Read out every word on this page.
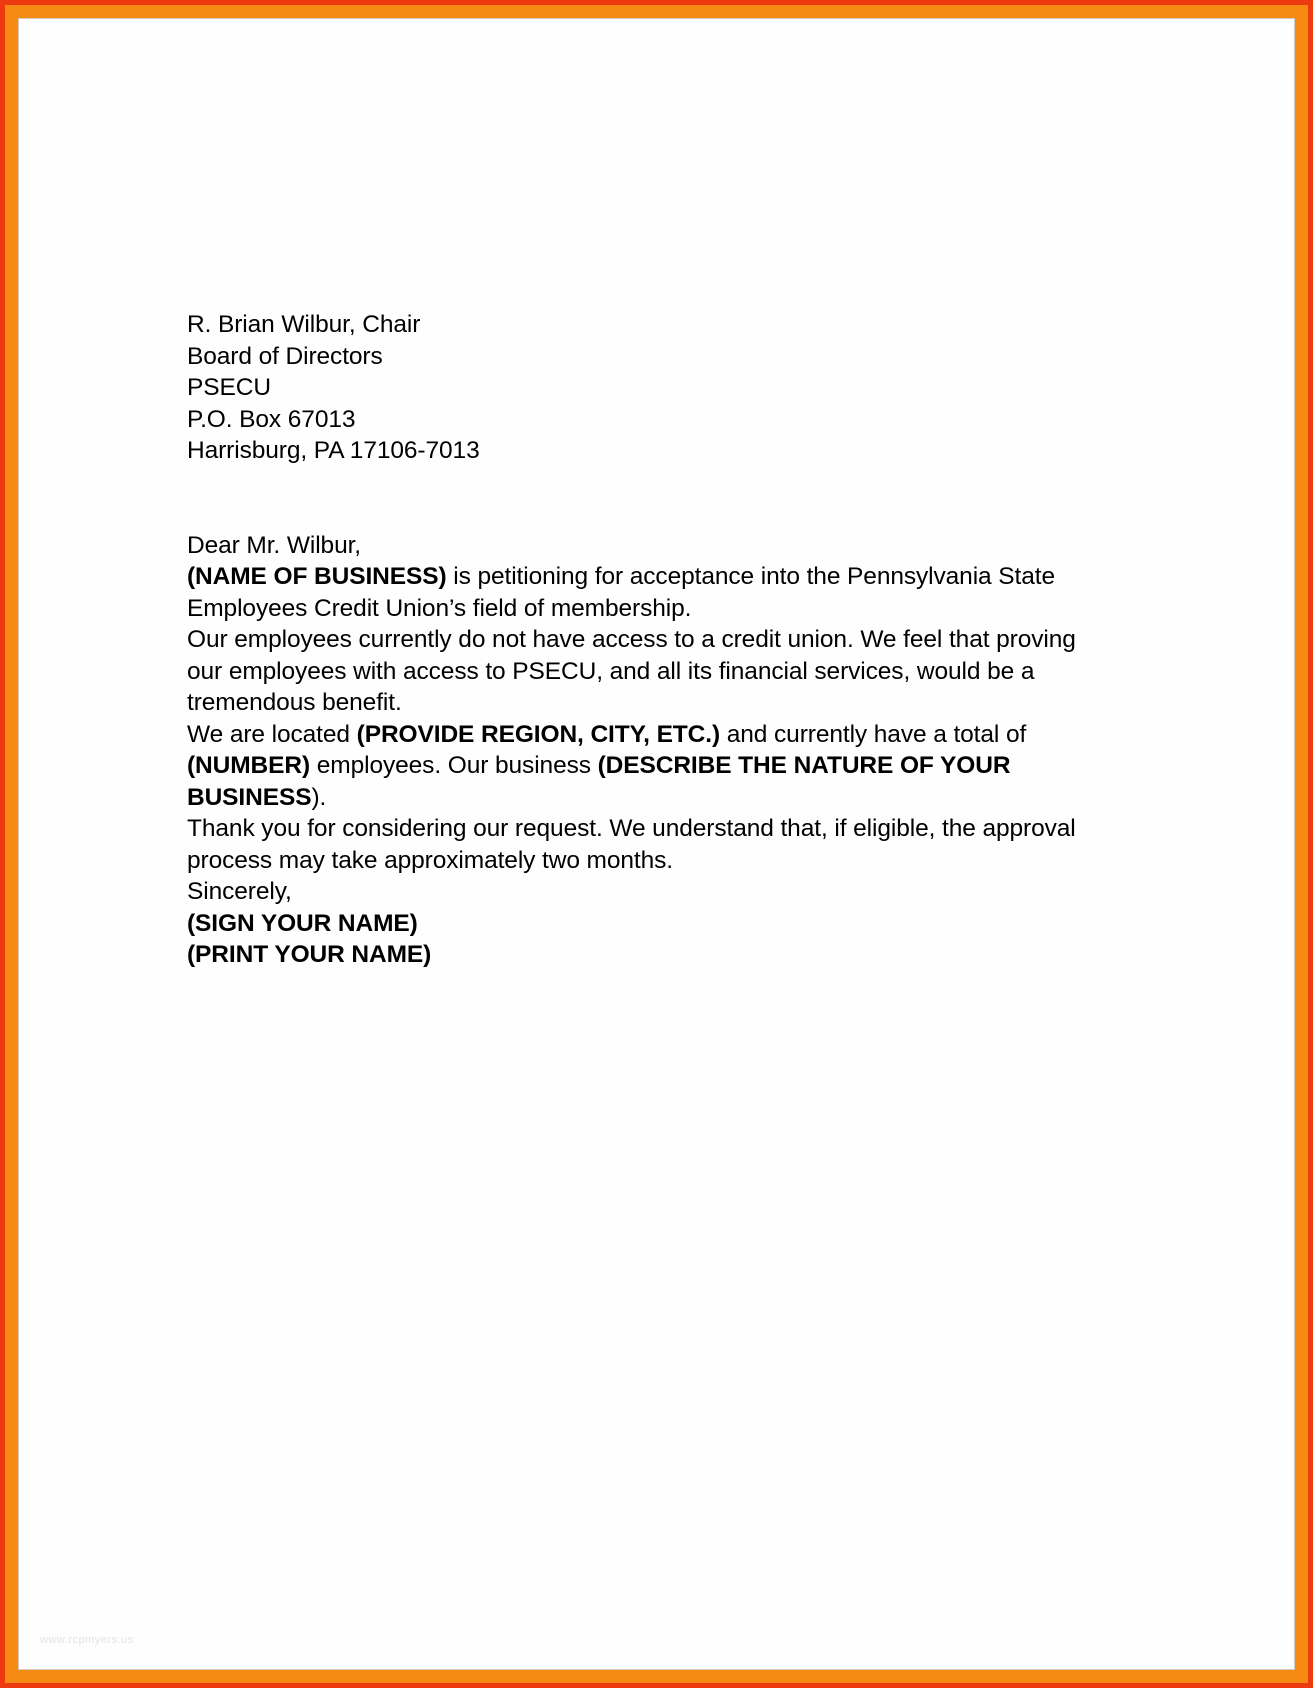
R. Brian Wilbur, Chair
Board of Directors
PSECU
P.O. Box 67013
Harrisburg, PA 17106-7013

Dear Mr. Wilbur,

(NAME OF BUSINESS) is petitioning for acceptance into the Pennsylvania State
Employees Credit Union’s field of membership.

Our employees currently do not have access to a credit union. We feel that proving
our employees with access to PSECU, and all its financial services, would be a
tremendous benefit.

We are located (PROVIDE REGION, CITY, ETC.) and currently have a total of
(NUMBER) employees. Our business (DESCRIBE THE NATURE OF YOUR BUSINESS).

Thank you for considering our request. We understand that, if eligible, the approval
process may take approximately two months.

Sincerely,

(SIGN YOUR NAME)

(PRINT YOUR NAME)

www.rcpmyers.us
